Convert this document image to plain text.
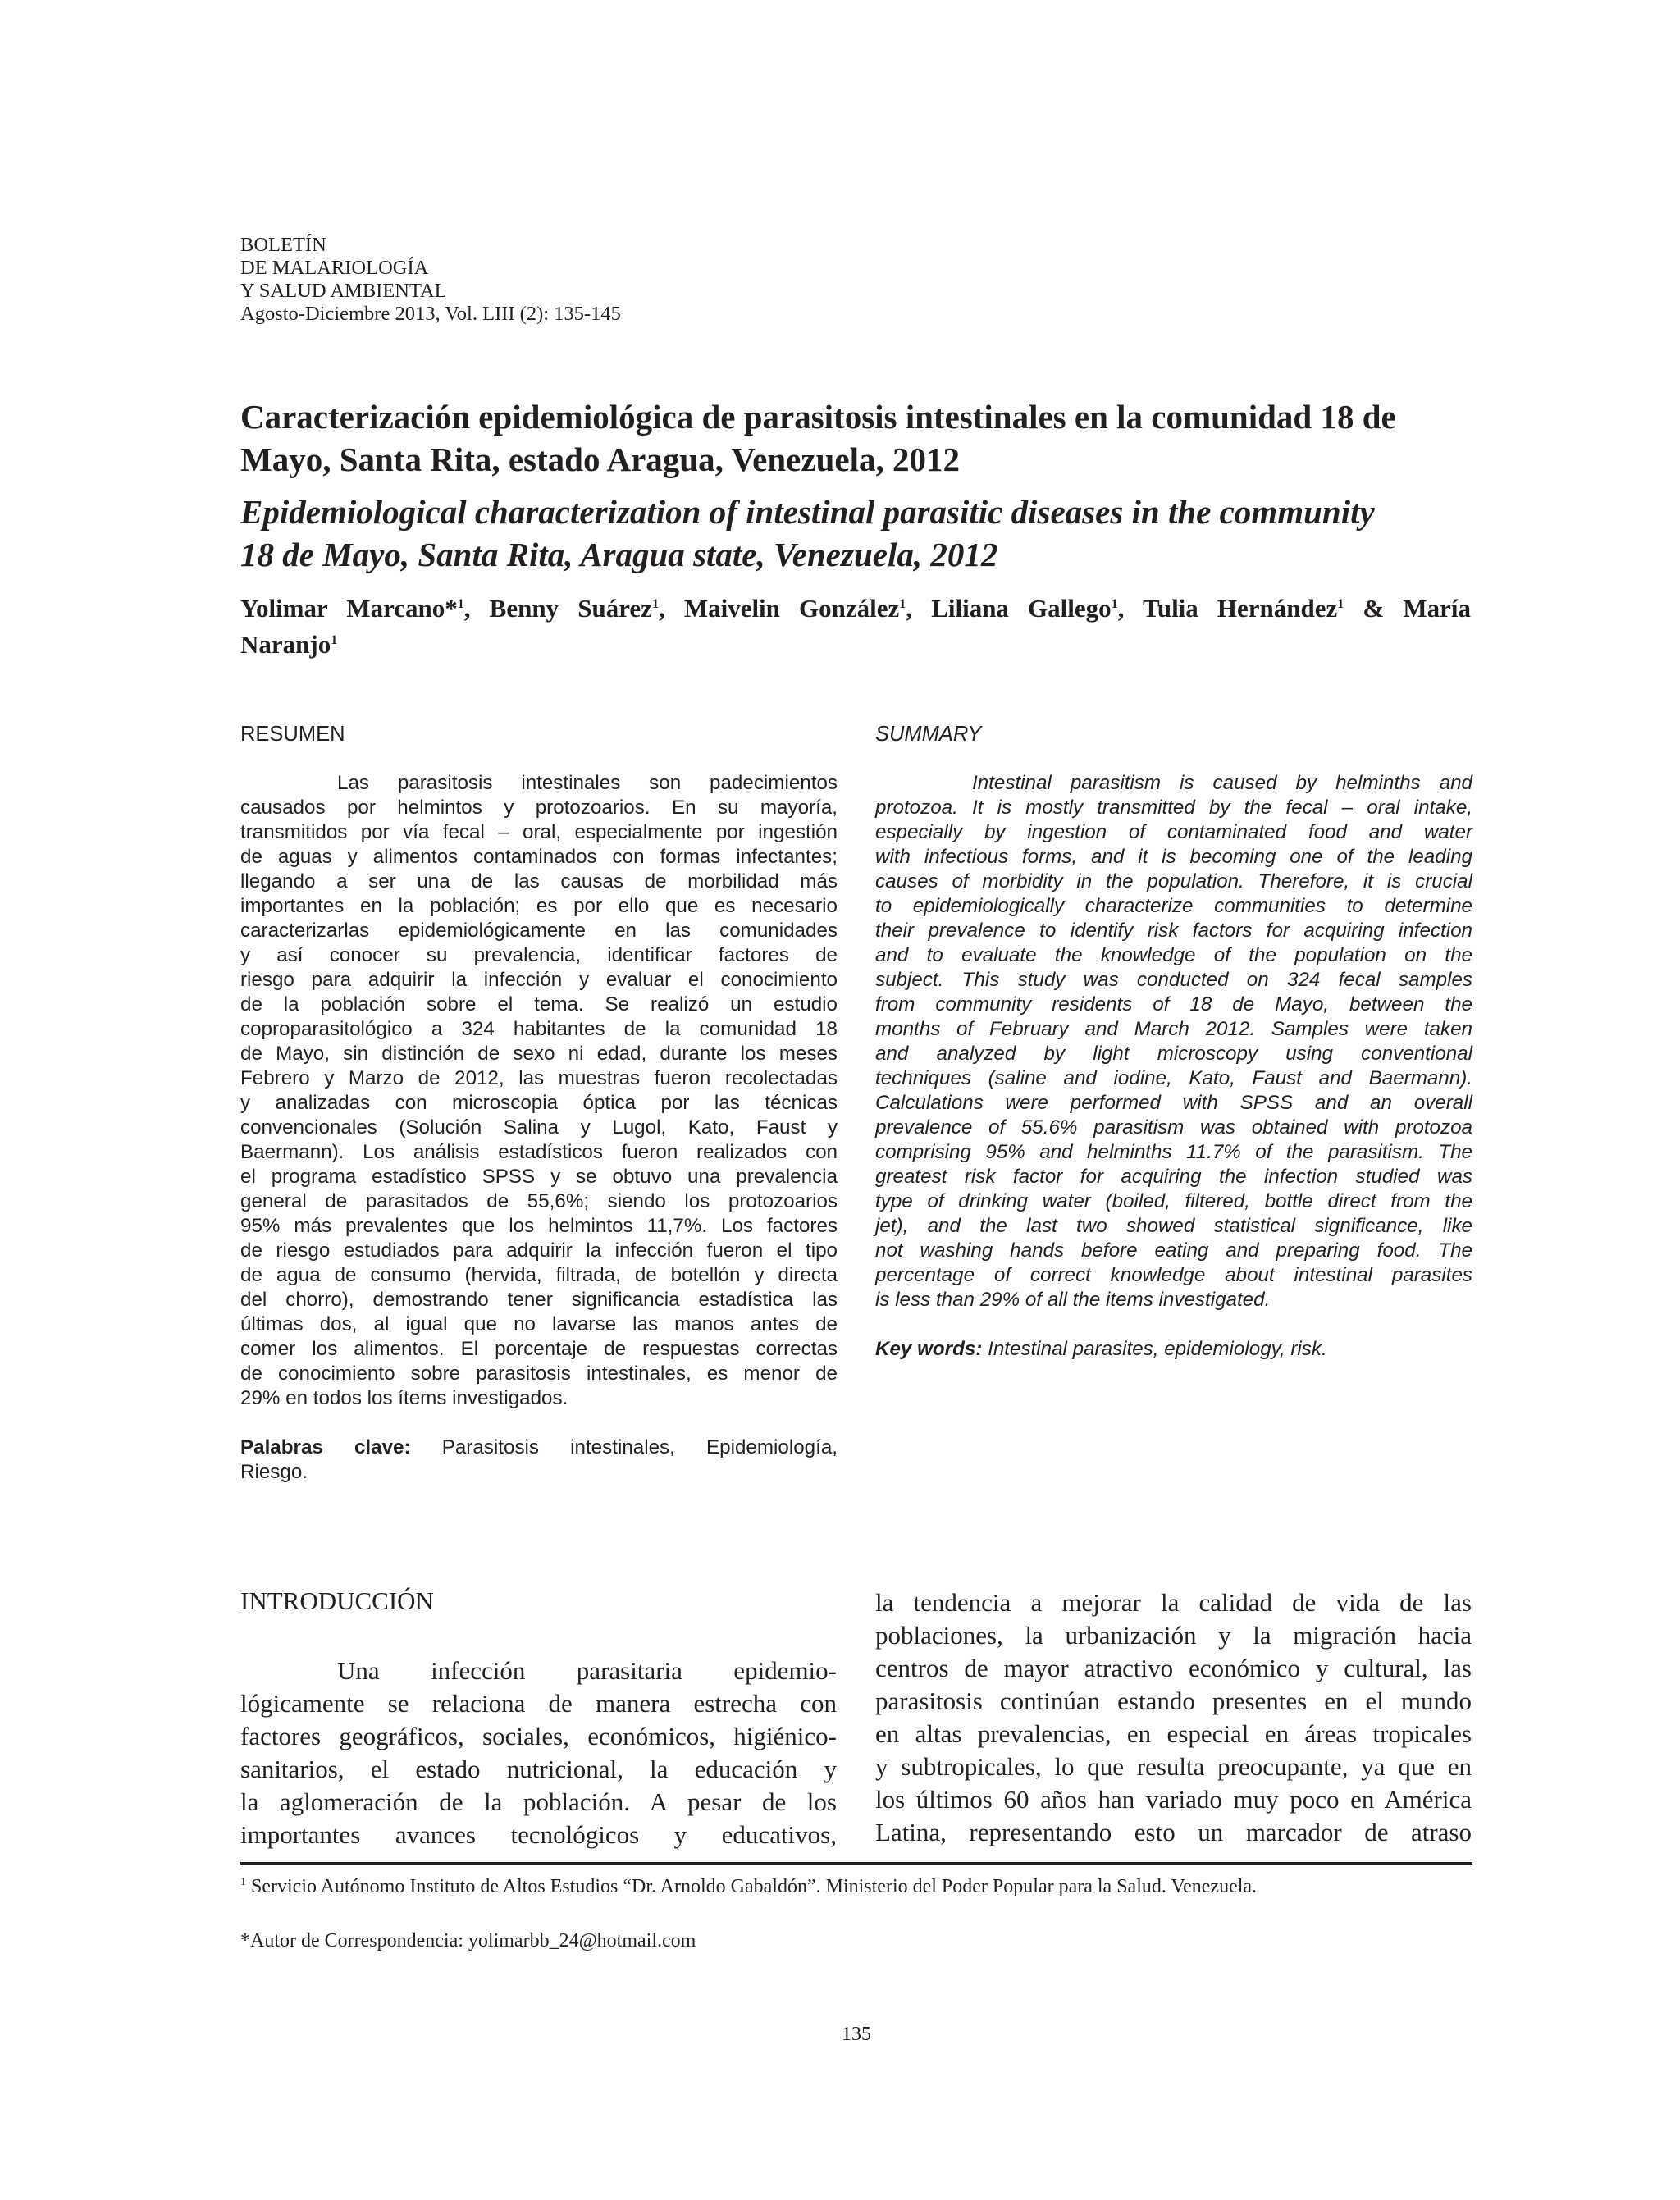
BOLETÍN
DE MALARIOLOGÍA
Y SALUD AMBIENTAL
Agosto-Diciembre 2013, Vol. LIII (2): 135-145
Caracterización epidemiológica de parasitosis intestinales en la comunidad 18 de
Mayo, Santa Rita, estado Aragua, Venezuela, 2012
Epidemiological characterization of intestinal parasitic diseases in the community
18 de Mayo, Santa Rita, Aragua state, Venezuela, 2012
Yolimar Marcano*$^1$, Benny Suárez$^1$, Maivelin González$^1$, Liliana Gallego$^1$, Tulia Hernández$^1$ & María
Naranjo$^1$
RESUMEN
Las parasitosis intestinales son padecimientos
causados por helmintos y protozoarios. En su mayoría,
transmitidos por vía fecal – oral, especialmente por ingestión
de aguas y alimentos contaminados con formas infectantes;
llegando a ser una de las causas de morbilidad más
importantes en la población; es por ello que es necesario
caracterizarlas epidemiológicamente en las comunidades
y así conocer su prevalencia, identificar factores de
riesgo para adquirir la infección y evaluar el conocimiento
de la población sobre el tema. Se realizó un estudio
coproparasitológico a 324 habitantes de la comunidad 18
de Mayo, sin distinción de sexo ni edad, durante los meses
Febrero y Marzo de 2012, las muestras fueron recolectadas
y analizadas con microscopia óptica por las técnicas
convencionales (Solución Salina y Lugol, Kato, Faust y
Baermann). Los análisis estadísticos fueron realizados con
el programa estadístico SPSS y se obtuvo una prevalencia
general de parasitados de 55,6%; siendo los protozoarios
95% más prevalentes que los helmintos 11,7%. Los factores
de riesgo estudiados para adquirir la infección fueron el tipo
de agua de consumo (hervida, filtrada, de botellón y directa
del chorro), demostrando tener significancia estadística las
últimas dos, al igual que no lavarse las manos antes de
comer los alimentos. El porcentaje de respuestas correctas
de conocimiento sobre parasitosis intestinales, es menor de
29% en todos los ítems investigados.
Palabras clave: Parasitosis intestinales, Epidemiología,
Riesgo.
SUMMARY
Intestinal parasitism is caused by helminths and
protozoa. It is mostly transmitted by the fecal – oral intake,
especially by ingestion of contaminated food and water
with infectious forms, and it is becoming one of the leading
causes of morbidity in the population. Therefore, it is crucial
to epidemiologically characterize communities to determine
their prevalence to identify risk factors for acquiring infection
and to evaluate the knowledge of the population on the
subject. This study was conducted on 324 fecal samples
from community residents of 18 de Mayo, between the
months of February and March 2012. Samples were taken
and analyzed by light microscopy using conventional
techniques (saline and iodine, Kato, Faust and Baermann).
Calculations were performed with SPSS and an overall
prevalence of 55.6% parasitism was obtained with protozoa
comprising 95% and helminths 11.7% of the parasitism. The
greatest risk factor for acquiring the infection studied was
type of drinking water (boiled, filtered, bottle direct from the
jet), and the last two showed statistical significance, like
not washing hands before eating and preparing food. The
percentage of correct knowledge about intestinal parasites
is less than 29% of all the items investigated.
Key words: Intestinal parasites, epidemiology, risk.
INTRODUCCIÓN
Una infección parasitaria epidemio-
lógicamente se relaciona de manera estrecha con
factores geográficos, sociales, económicos, higiénico-
sanitarios, el estado nutricional, la educación y
la aglomeración de la población. A pesar de los
importantes avances tecnológicos y educativos,
la tendencia a mejorar la calidad de vida de las
poblaciones, la urbanización y la migración hacia
centros de mayor atractivo económico y cultural, las
parasitosis continúan estando presentes en el mundo
en altas prevalencias, en especial en áreas tropicales
y subtropicales, lo que resulta preocupante, ya que en
los últimos 60 años han variado muy poco en América
Latina, representando esto un marcador de atraso
$^1$ Servicio Autónomo Instituto de Altos Estudios “Dr. Arnoldo Gabaldón”. Ministerio del Poder Popular para la Salud. Venezuela.
*Autor de Correspondencia: yolimarbb_24@hotmail.com
135
